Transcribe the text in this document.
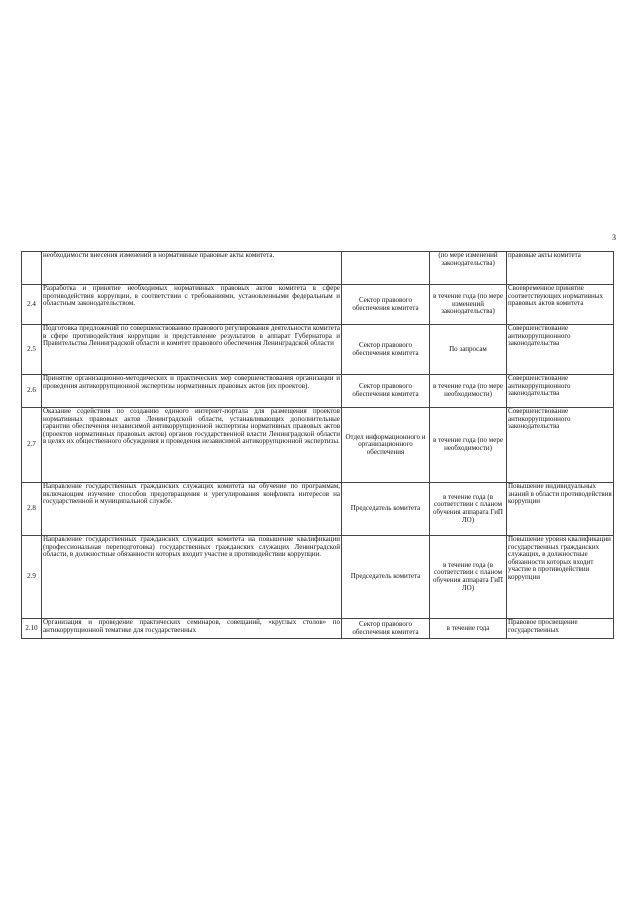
3
	необходимости внесения изменений в нормативные правовые акты комитета.		(по мере изменений законодательства)	правовые акты комитета
2.4	Разработка и принятие необходимых нормативных правовых актов комитета в сфере противодействия коррупции, в соответствии с требованиями, установленными федеральным и областным законодательством.	Сектор правового обеспечения комитета	в течение года (по мере изменений законодательства)	Своевременное принятие соответствующих нормативных правовых актов комитета
2.5	Подготовка предложений по совершенствованию правового регулирования деятельности комитета в сфере противодействия коррупции и представление результатов в аппарат Губернатора и Правительства Ленинградской области и комитет правового обеспечения Ленинградской области	Сектор правового обеспечения комитета	По запросам	Совершенствование антикоррупционного законодательства
2.6	Принятие организационно-методических и практических мер совершенствования организации и проведения антикоррупционной экспертизы нормативных правовых актов (их проектов).	Сектор правового обеспечения комитета	в течение года (по мере необходимости)	Совершенствование антикоррупционного законодательства
2.7	Оказание содействия по созданию единого интернет-портала для размещения проектов нормативных правовых актов Ленинградской области, устанавливающих дополнительные гарантии обеспечения независимой антикоррупционной экспертизы нормативных правовых актов (проектов нормативных правовых актов) органов государственной власти Ленинградской области в целях их общественного обсуждения и проведения независимой антикоррупционной экспертизы.	Отдел информационного и организационного обеспечения	в течение года (по мере необходимости)	Совершенствование антикоррупционного законодательства
2.8	Направление государственных гражданских служащих комитета на обучение по программам, включающим изучение способов предотвращения и урегулирования конфликта интересов на государственной и муниципальной службе.	Председатель комитета	в течение года (в соответствии с планом обучения аппарата ГиП ЛО)	Повышение индивидуальных знаний в области противодействия коррупции
2.9	Направление государственных гражданских служащих комитета на повышение квалификации (профессиональная переподготовка) государственных гражданских служащих Ленинградской области, в должностные обязанности которых входит участие в противодействии коррупции.	Председатель комитета	в течение года (в соответствии с планом обучения аппарата ГиП ЛО)	Повышение уровня квалификации государственных гражданских служащих, в должностные обязанности которых входит участие в противодействии коррупции
2.10	Организация и проведение практических семинаров, совещаний, «круглых столов» по антикоррупционной тематике для государственных	Сектор правового обеспечения комитета	в течение года	Правовое просвещение государственных
